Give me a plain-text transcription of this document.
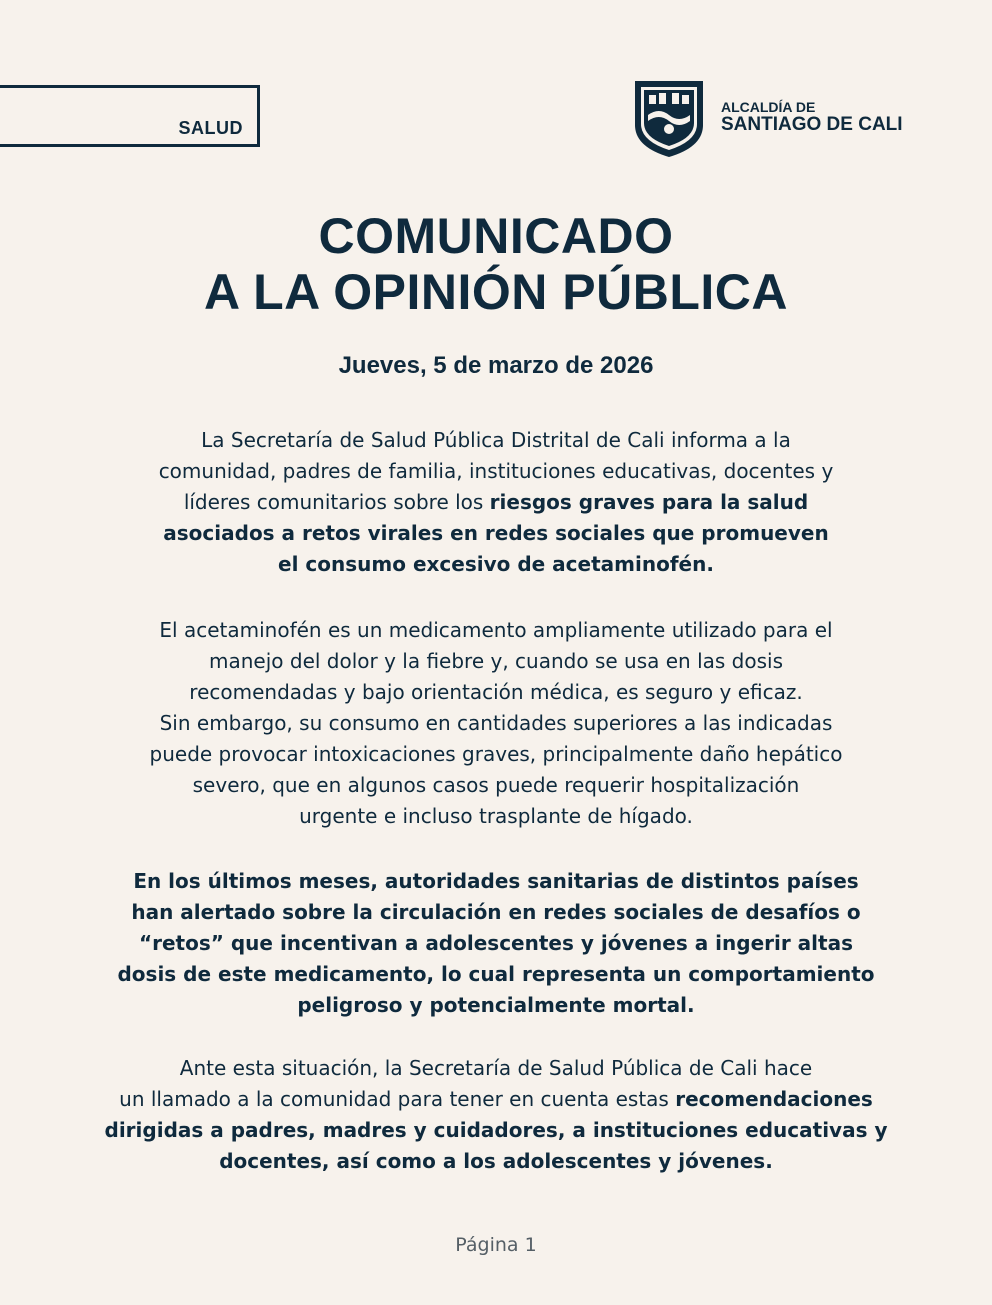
SALUD
ALCALDÍA DE
SANTIAGO DE CALI
COMUNICADO
A LA OPINIÓN PÚBLICA

Jueves, 5 de marzo de 2026

La Secretaría de Salud Pública Distrital de Cali informa a la
comunidad, padres de familia, instituciones educativas, docentes y
líderes comunitarios sobre los riesgos graves para la salud
asociados a retos virales en redes sociales que promueven
el consumo excesivo de acetaminofén.

El acetaminofén es un medicamento ampliamente utilizado para el
manejo del dolor y la fiebre y, cuando se usa en las dosis
recomendadas y bajo orientación médica, es seguro y eficaz.
Sin embargo, su consumo en cantidades superiores a las indicadas
puede provocar intoxicaciones graves, principalmente daño hepático
severo, que en algunos casos puede requerir hospitalización
urgente e incluso trasplante de hígado.

En los últimos meses, autoridades sanitarias de distintos países
han alertado sobre la circulación en redes sociales de desafíos o
“retos” que incentivan a adolescentes y jóvenes a ingerir altas
dosis de este medicamento, lo cual representa un comportamiento
peligroso y potencialmente mortal.

Ante esta situación, la Secretaría de Salud Pública de Cali hace
un llamado a la comunidad para tener en cuenta estas recomendaciones
dirigidas a padres, madres y cuidadores, a instituciones educativas y
docentes, así como a los adolescentes y jóvenes.

Página 1
